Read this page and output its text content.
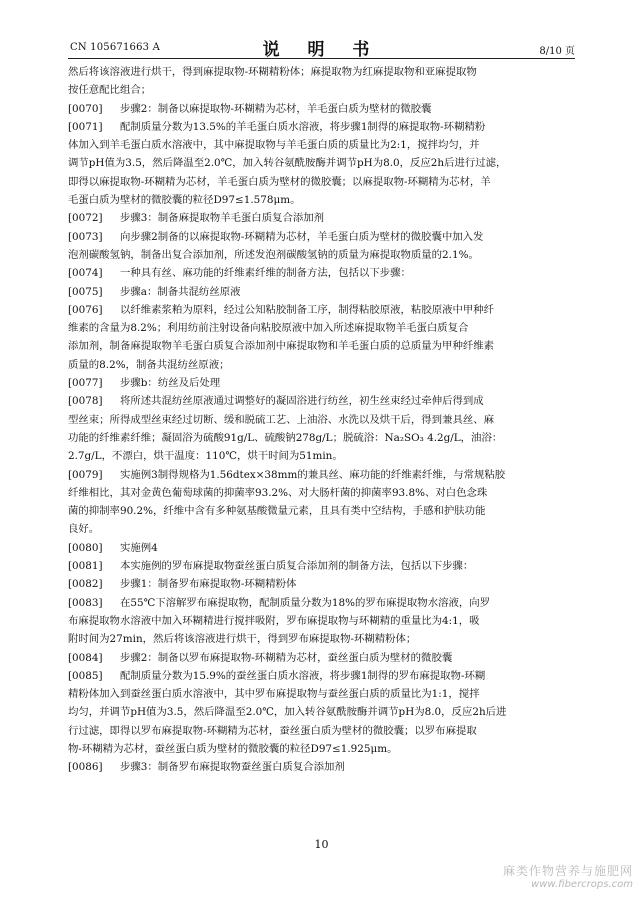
CN 105671663 A	说 明 书	8/10 页
然后将该溶液进行烘干，得到麻提取物-环糊精粉体；麻提取物为红麻提取物和亚麻提取物
按任意配比组合；
[0070] 步骤2：制备以麻提取物-环糊精为芯材，羊毛蛋白质为壁材的微胶囊
[0071] 配制质量分数为13.5%的羊毛蛋白质水溶液，将步骤1制得的麻提取物-环糊精粉
体加入到羊毛蛋白质水溶液中，其中麻提取物与羊毛蛋白质的质量比为2:1，搅拌均匀，并
调节pH值为3.5，然后降温至2.0℃，加入转谷氨酰胺酶并调节pH为8.0，反应2h后进行过滤，
即得以麻提取物-环糊精为芯材，羊毛蛋白质为壁材的微胶囊；以麻提取物-环糊精为芯材，羊
毛蛋白质为壁材的微胶囊的粒径D97≤1.578μm。
[0072] 步骤3：制备麻提取物羊毛蛋白质复合添加剂
[0073] 向步骤2制备的以麻提取物-环糊精为芯材，羊毛蛋白质为壁材的微胶囊中加入发
泡剂碳酸氢钠，制备出复合添加剂，所述发泡剂碳酸氢钠的质量为麻提取物质量的2.1%。
[0074] 一种具有丝、麻功能的纤维素纤维的制备方法，包括以下步骤：
[0075] 步骤a：制备共混纺丝原液
[0076] 以纤维素浆粕为原料，经过公知粘胶制备工序，制得粘胶原液，粘胶原液中甲种纤
维素的含量为8.2%；利用纺前注射设备向粘胶原液中加入所述麻提取物羊毛蛋白质复合
添加剂，制备麻提取物羊毛蛋白质复合添加剂中麻提取物和羊毛蛋白质的总质量为甲种纤维素
质量的8.2%，制备共混纺丝原液；
[0077] 步骤b：纺丝及后处理
[0078] 将所述共混纺丝原液通过调整好的凝固浴进行纺丝，初生丝束经过牵伸后得到成
型丝束；所得成型丝束经过切断、缓和脱硫工艺、上油浴、水洗以及烘干后，得到兼具丝、麻
功能的纤维素纤维；凝固浴为硫酸91g/L、硫酸钠278g/L；脱硫浴：Na₂SO₃ 4.2g/L，油浴：
2.7g/L，不漂白，烘干温度：110℃，烘干时间为51min。
[0079] 实施例3制得规格为1.56dtex×38mm的兼具丝、麻功能的纤维素纤维，与常规粘胶
纤维相比，其对金黄色葡萄球菌的抑菌率93.2%、对大肠杆菌的抑菌率93.8%、对白色念珠
菌的抑制率90.2%，纤维中含有多种氨基酸微量元素，且具有类中空结构，手感和护肤功能
良好。
[0080] 实施例4
[0081] 本实施例的罗布麻提取物蚕丝蛋白质复合添加剂的制备方法，包括以下步骤：
[0082] 步骤1：制备罗布麻提取物-环糊精粉体
[0083] 在55℃下溶解罗布麻提取物，配制质量分数为18%的罗布麻提取物水溶液，向罗
布麻提取物水溶液中加入环糊精进行搅拌吸附，罗布麻提取物与环糊精的重量比为4:1，吸
附时间为27min，然后将该溶液进行烘干，得到罗布麻提取物-环糊精粉体；
[0084] 步骤2：制备以罗布麻提取物-环糊精为芯材，蚕丝蛋白质为壁材的微胶囊
[0085] 配制质量分数为15.9%的蚕丝蛋白质水溶液，将步骤1制得的罗布麻提取物-环糊
精粉体加入到蚕丝蛋白质水溶液中，其中罗布麻提取物与蚕丝蛋白质的质量比为1:1，搅拌
均匀，并调节pH值为3.5，然后降温至2.0℃，加入转谷氨酰胺酶并调节pH为8.0，反应2h后进
行过滤，即得以罗布麻提取物-环糊精为芯材，蚕丝蛋白质为壁材的微胶囊；以罗布麻提取
物-环糊精为芯材，蚕丝蛋白质为壁材的微胶囊的粒径D97≤1.925μm。
[0086] 步骤3：制备罗布麻提取物蚕丝蛋白质复合添加剂
10
麻类作物营养与施肥网
www.fibercrops.com
